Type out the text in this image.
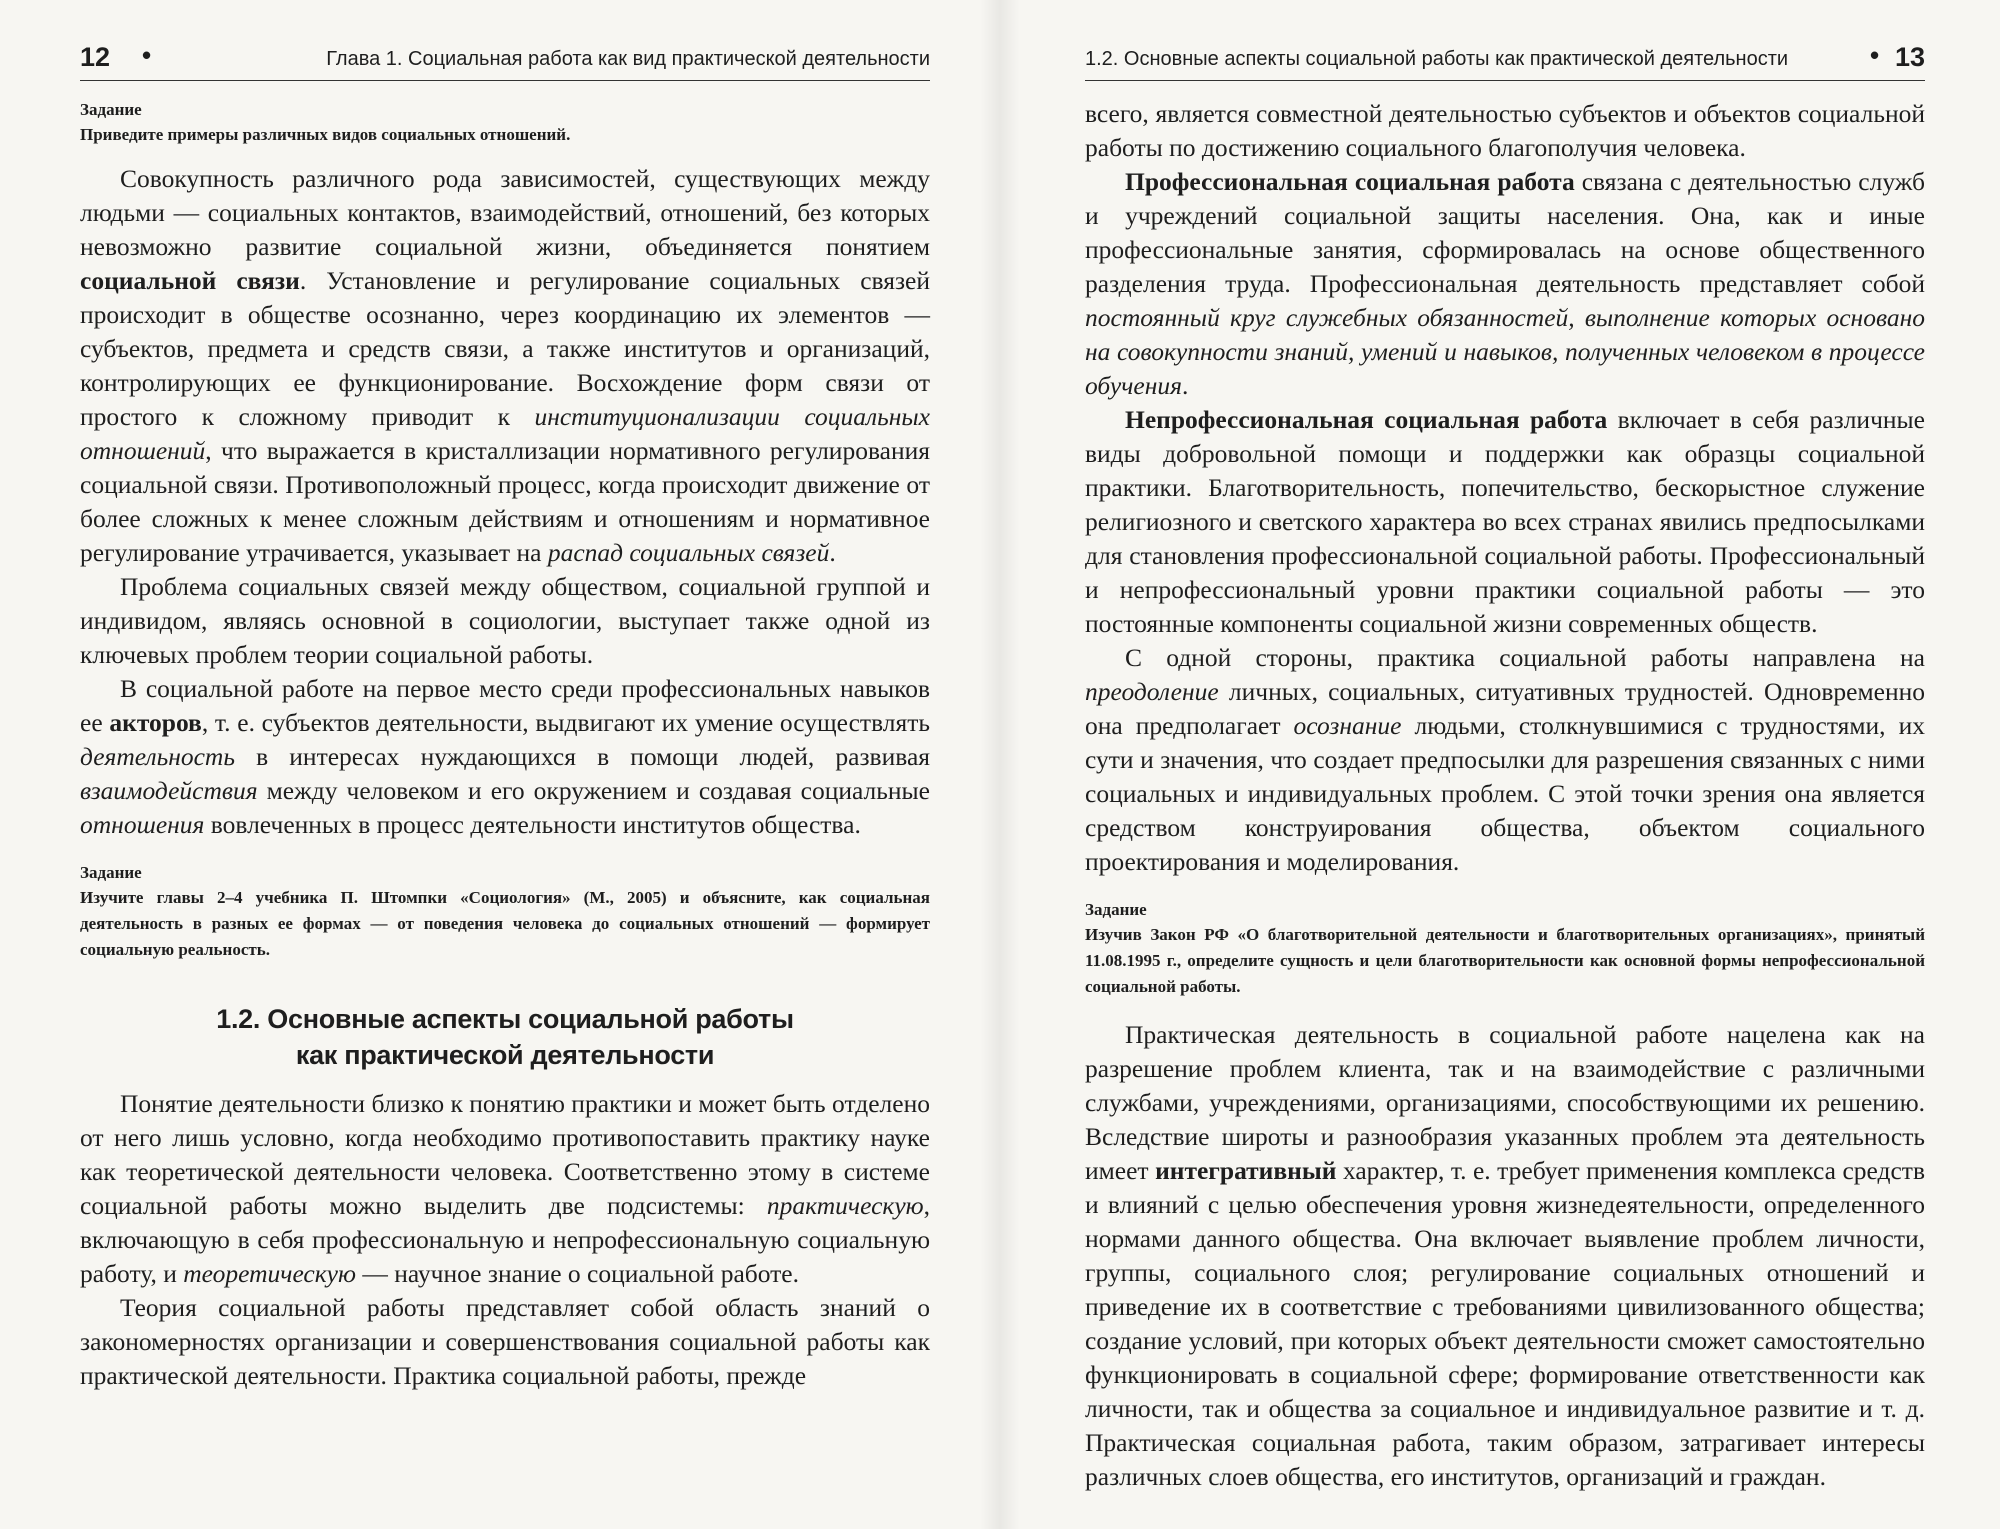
12 •	Глава 1. Социальная работа как вид практической деятельности
Задание

Приведите примеры различных видов социальных отношений.

Совокупность различного рода зависимостей, существующих между людьми — социальных контактов, взаимодействий, отношений, без которых невозможно развитие социальной жизни, объединяется понятием социальной связи. Установление и регулирование социальных связей происходит в обществе осознанно, через координацию их элементов — субъектов, предмета и средств связи, а также институтов и организаций, контролирующих ее функционирование. Восхождение форм связи от простого к сложному приводит к институционализации социальных отношений, что выражается в кристаллизации нормативного регулирования социальной связи. Противоположный процесс, когда происходит движение от более сложных к менее сложным действиям и отношениям и нормативное регулирование утрачивается, указывает на распад социальных связей.

Проблема социальных связей между обществом, социальной группой и индивидом, являясь основной в социологии, выступает также одной из ключевых проблем теории социальной работы.

В социальной работе на первое место среди профессиональных навыков ее акторов, т. е. субъектов деятельности, выдвигают их умение осуществлять деятельность в интересах нуждающихся в помощи людей, развивая взаимодействия между человеком и его окружением и создавая социальные отношения вовлеченных в процесс деятельности институтов общества.

Задание

Изучите главы 2–4 учебника П. Штомпки «Социология» (М., 2005) и объясните, как социальная деятельность в разных ее формах — от поведения человека до социальных отношений — формирует социальную реальность.

1.2. Основные аспекты социальной работы
как практической деятельности

Понятие деятельности близко к понятию практики и может быть отделено от него лишь условно, когда необходимо противопоставить практику науке как теоретической деятельности человека. Соответственно этому в системе социальной работы можно выделить две подсистемы: практическую, включающую в себя профессиональную и непрофессиональную социальную работу, и теоретическую — научное знание о социальной работе.

Теория социальной работы представляет собой область знаний о закономерностях организации и совершенствования социальной работы как практической деятельности. Практика социальной работы, прежде

1.2. Основные аспекты социальной работы как практической деятельности	• 13

всего, является совместной деятельностью субъектов и объектов социальной работы по достижению социального благополучия человека.

Профессиональная социальная работа связана с деятельностью служб и учреждений социальной защиты населения. Она, как и иные профессиональные занятия, сформировалась на основе общественного разделения труда. Профессиональная деятельность представляет собой постоянный круг служебных обязанностей, выполнение которых основано на совокупности знаний, умений и навыков, полученных человеком в процессе обучения.

Непрофессиональная социальная работа включает в себя различные виды добровольной помощи и поддержки как образцы социальной практики. Благотворительность, попечительство, бескорыстное служение религиозного и светского характера во всех странах явились предпосылками для становления профессиональной социальной работы. Профессиональный и непрофессиональный уровни практики социальной работы — это постоянные компоненты социальной жизни современных обществ.

С одной стороны, практика социальной работы направлена на преодоление личных, социальных, ситуативных трудностей. Одновременно она предполагает осознание людьми, столкнувшимися с трудностями, их сути и значения, что создает предпосылки для разрешения связанных с ними социальных и индивидуальных проблем. С этой точки зрения она является средством конструирования общества, объектом социального проектирования и моделирования.

Задание

Изучив Закон РФ «О благотворительной деятельности и благотворительных организациях», принятый 11.08.1995 г., определите сущность и цели благотворительности как основной формы непрофессиональной социальной работы.

Практическая деятельность в социальной работе нацелена как на разрешение проблем клиента, так и на взаимодействие с различными службами, учреждениями, организациями, способствующими их решению. Вследствие широты и разнообразия указанных проблем эта деятельность имеет интегративный характер, т. е. требует применения комплекса средств и влияний с целью обеспечения уровня жизнедеятельности, определенного нормами данного общества. Она включает выявление проблем личности, группы, социального слоя; регулирование социальных отношений и приведение их в соответствие с требованиями цивилизованного общества; создание условий, при которых объект деятельности сможет самостоятельно функционировать в социальной сфере; формирование ответственности как личности, так и общества за социальное и индивидуальное развитие и т. д. Практическая социальная работа, таким образом, затрагивает интересы различных слоев общества, его институтов, организаций и граждан.
